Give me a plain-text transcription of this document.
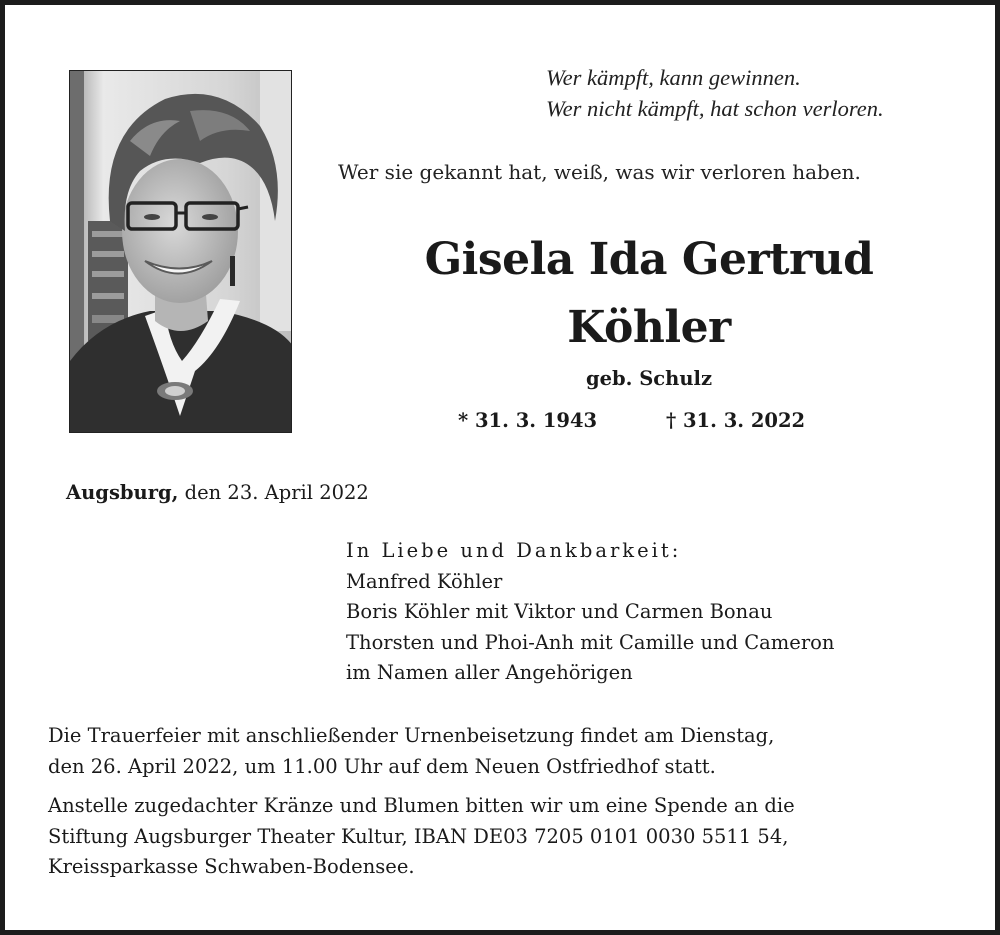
Wer kämpft, kann gewinnen.
Wer nicht kämpft, hat schon verloren.
Wer sie gekannt hat, weiß, was wir verloren haben.
Gisela Ida Gertrud
Köhler
geb. Schulz
* 31. 3. 1943	† 31. 3. 2022
Augsburg, den 23. April 2022
In Liebe und Dankbarkeit:
Manfred Köhler
Boris Köhler mit Viktor und Carmen Bonau
Thorsten und Phoi-Anh mit Camille und Cameron
im Namen aller Angehörigen
Die Trauerfeier mit anschließender Urnenbeisetzung findet am Dienstag,
den 26. April 2022, um 11.00 Uhr auf dem Neuen Ostfriedhof statt.
Anstelle zugedachter Kränze und Blumen bitten wir um eine Spende an die
Stiftung Augsburger Theater Kultur, IBAN DE03 7205 0101 0030 5511 54,
Kreissparkasse Schwaben-Bodensee.
